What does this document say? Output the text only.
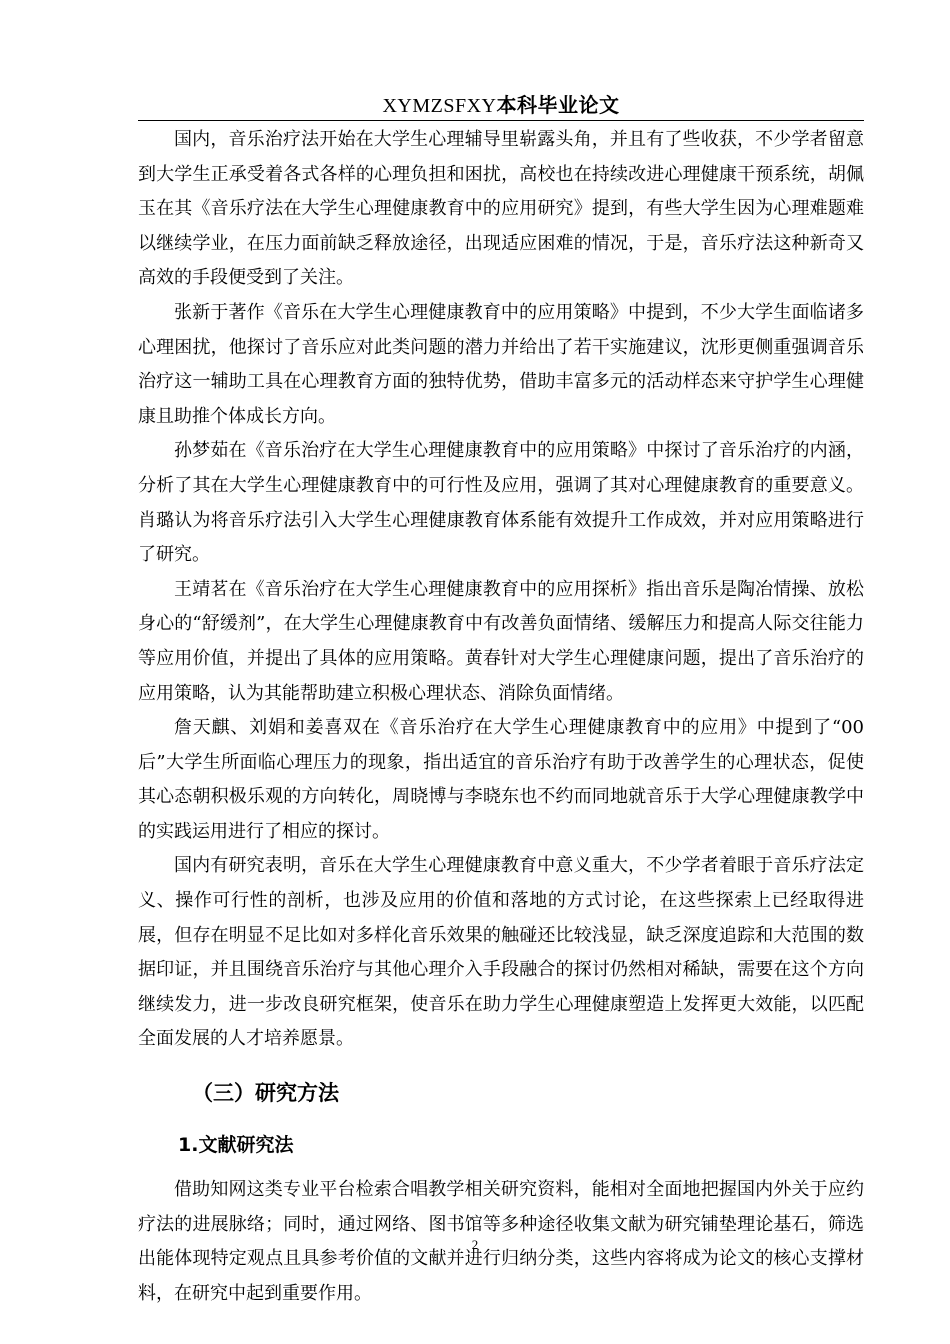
XYMZSFXY本科毕业论文

国内，音乐治疗法开始在大学生心理辅导里崭露头角，并且有了些收获，不少学者留意到大学生正承受着各式各样的心理负担和困扰，高校也在持续改进心理健康干预系统，胡佩玉在其《音乐疗法在大学生心理健康教育中的应用研究》提到，有些大学生因为心理难题难以继续学业，在压力面前缺乏释放途径，出现适应困难的情况，于是，音乐疗法这种新奇又高效的手段便受到了关注。

张新于著作《音乐在大学生心理健康教育中的应用策略》中提到，不少大学生面临诸多心理困扰，他探讨了音乐应对此类问题的潜力并给出了若干实施建议，沈形更侧重强调音乐治疗这一辅助工具在心理教育方面的独特优势，借助丰富多元的活动样态来守护学生心理健康且助推个体成长方向。

孙梦茹在《音乐治疗在大学生心理健康教育中的应用策略》中探讨了音乐治疗的内涵，分析了其在大学生心理健康教育中的可行性及应用，强调了其对心理健康教育的重要意义。肖璐认为将音乐疗法引入大学生心理健康教育体系能有效提升工作成效，并对应用策略进行了研究。

王靖茗在《音乐治疗在大学生心理健康教育中的应用探析》指出音乐是陶冶情操、放松身心的“舒缓剂”，在大学生心理健康教育中有改善负面情绪、缓解压力和提高人际交往能力等应用价值，并提出了具体的应用策略。黄春针对大学生心理健康问题，提出了音乐治疗的应用策略，认为其能帮助建立积极心理状态、消除负面情绪。

詹天麒、刘娟和姜喜双在《音乐治疗在大学生心理健康教育中的应用》中提到了“00后”大学生所面临心理压力的现象，指出适宜的音乐治疗有助于改善学生的心理状态，促使其心态朝积极乐观的方向转化，周晓博与李晓东也不约而同地就音乐于大学心理健康教学中的实践运用进行了相应的探讨。

国内有研究表明，音乐在大学生心理健康教育中意义重大，不少学者着眼于音乐疗法定义、操作可行性的剖析，也涉及应用的价值和落地的方式讨论，在这些探索上已经取得进展，但存在明显不足比如对多样化音乐效果的触碰还比较浅显，缺乏深度追踪和大范围的数据印证，并且围绕音乐治疗与其他心理介入手段融合的探讨仍然相对稀缺，需要在这个方向继续发力，进一步改良研究框架，使音乐在助力学生心理健康塑造上发挥更大效能，以匹配全面发展的人才培养愿景。

（三）研究方法
1.文献研究法

借助知网这类专业平台检索合唱教学相关研究资料，能相对全面地把握国内外关于应约疗法的进展脉络；同时，通过网络、图书馆等多种途径收集文献为研究铺垫理论基石，筛选出能体现特定观点且具参考价值的文献并进行归纳分类，这些内容将成为论文的核心支撑材料，在研究中起到重要作用。

2
